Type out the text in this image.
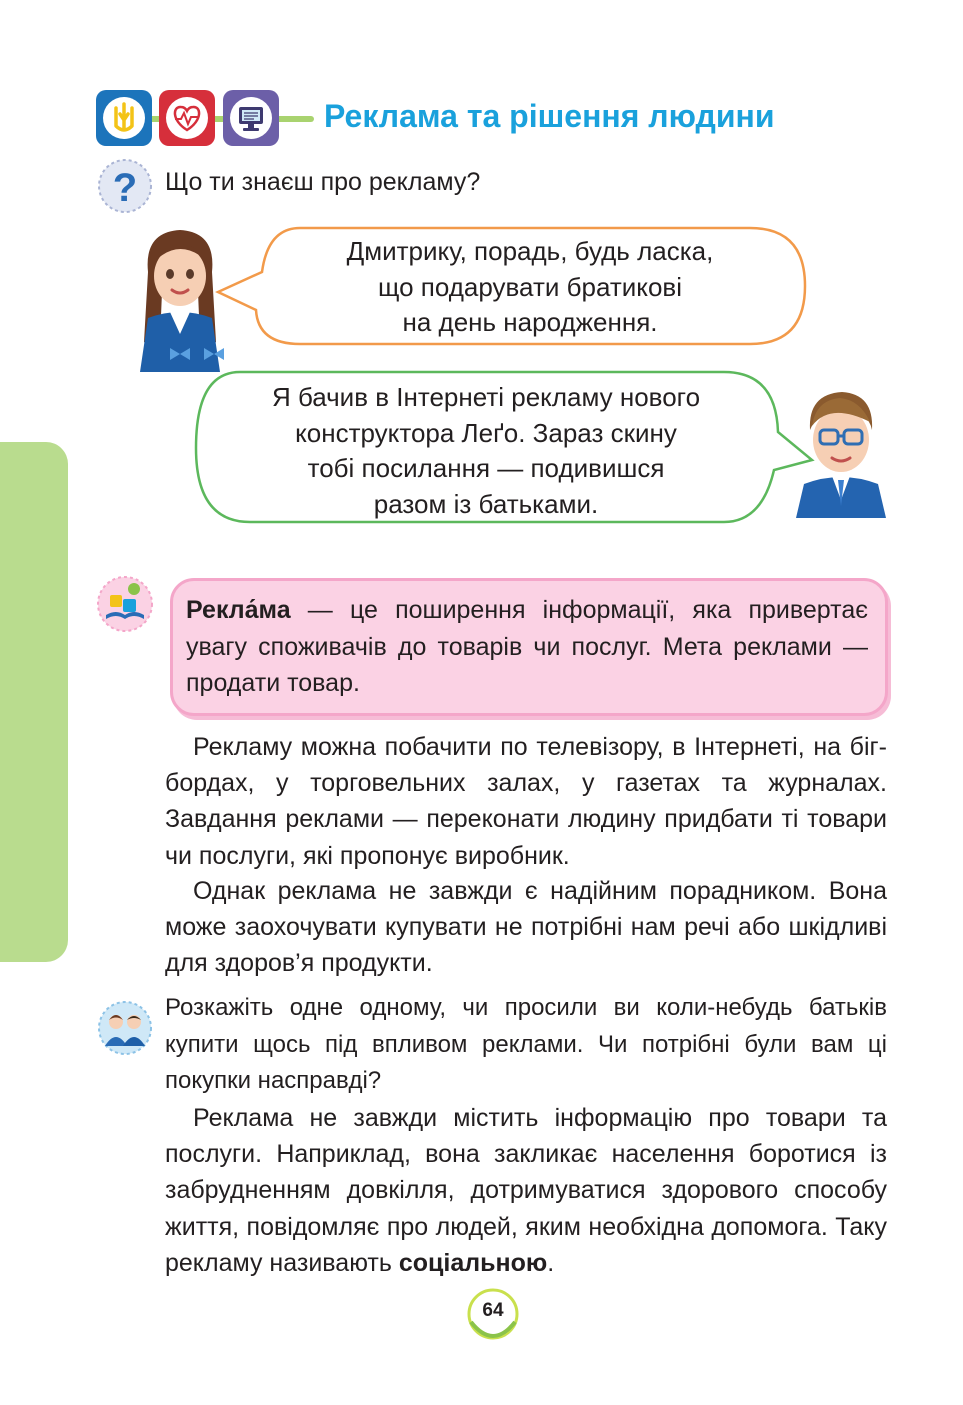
Реклама та рішення людини
? Що ти знаєш про рекламу?
Дмитрику, порадь, будь ласка,
що подарувати братикові
на день народження.
Я бачив в Інтернеті рекламу нового
конструктора Леґо. Зараз скину
тобі посилання — подивишся
разом із батьками.

Рекла́ма — це поширення інформації, яка привертає увагу споживачів до товарів чи послуг. Мета реклами — продати товар.

Рекламу можна побачити по телевізору, в Інтернеті, на біг-бордах, у торговельних залах, у газетах та журналах. Завдання реклами — переконати людину придбати ті товари чи послуги, які пропонує виробник.

Однак реклама не завжди є надійним порадником. Вона може заохочувати купувати не потрібні нам речі або шкідливі для здоров’я продукти.

Розкажіть одне одному, чи просили ви коли-небудь батьків купити щось під впливом реклами. Чи потрібні були вам ці покупки насправді?

Реклама не завжди містить інформацію про товари та послуги. Наприклад, вона закликає населення боротися із забрудненням довкілля, дотримуватися здорового способу життя, повідомляє про людей, яким необхідна допомога. Таку рекламу називають соціальною.

64
